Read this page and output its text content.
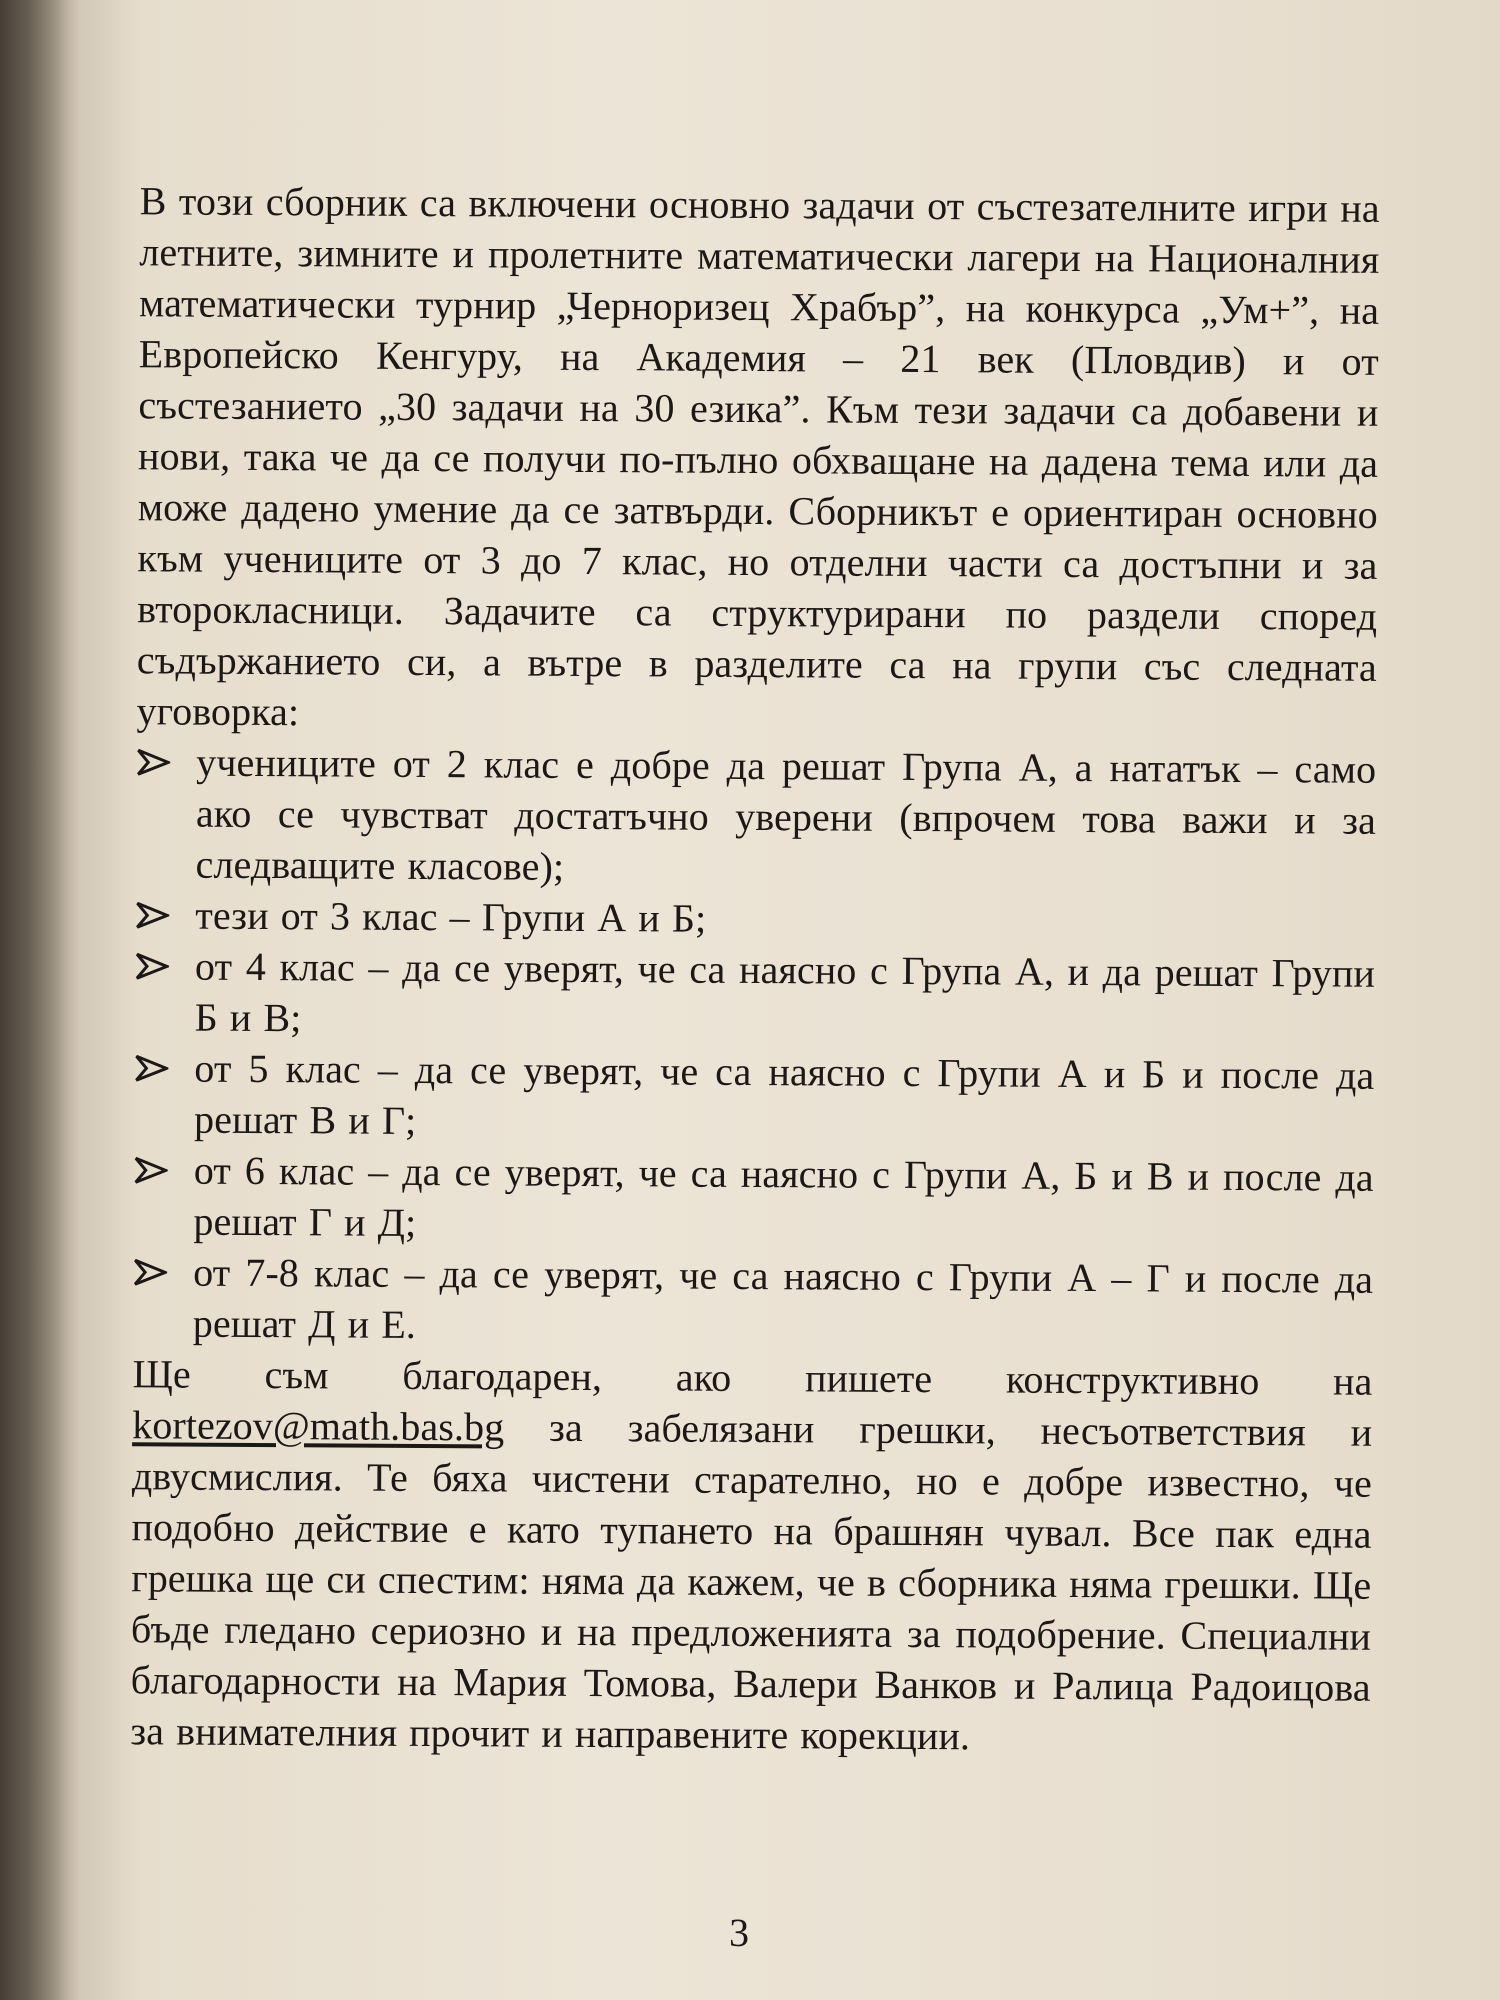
В този сборник са включени основно задачи от състезателните игри на летните, зимните и пролетните математически лагери на Националния математически турнир „Черноризец Храбър”, на конкурса „Ум+”, на Европейско Кенгуру, на Академия – 21 век (Пловдив) и от състезанието „30 задачи на 30 езика”. Към тези задачи са добавени и нови, така че да се получи по-пълно обхващане на дадена тема или да може дадено умение да се затвърди. Сборникът е ориентиран основно към учениците от 3 до 7 клас, но отделни части са достъпни и за второкласници. Задачите са структурирани по раздели според съдържанието си, а вътре в разделите са на групи със следната уговорка:

учениците от 2 клас е добре да решат Група А, а нататък – само ако се чувстват достатъчно уверени (впрочем това важи и за следващите класове);
тези от 3 клас – Групи А и Б;
от 4 клас – да се уверят, че са наясно с Група А, и да решат Групи Б и В;
от 5 клас – да се уверят, че са наясно с Групи А и Б и после да решат В и Г;
от 6 клас – да се уверят, че са наясно с Групи А, Б и В и после да решат Г и Д;
от 7-8 клас – да се уверят, че са наясно с Групи А – Г и после да решат Д и Е.

Ще съм благодарен, ако пишете конструктивно на kortezov@math.bas.bg за забелязани грешки, несъответствия и двусмислия. Те бяха чистени старателно, но е добре известно, че подобно действие е като тупането на брашнян чувал. Все пак една грешка ще си спестим: няма да кажем, че в сборника няма грешки. Ще бъде гледано сериозно и на предложенията за подобрение. Специални благодарности на Мария Томова, Валери Ванков и Ралица Радоицова за внимателния прочит и направените корекции.

3
